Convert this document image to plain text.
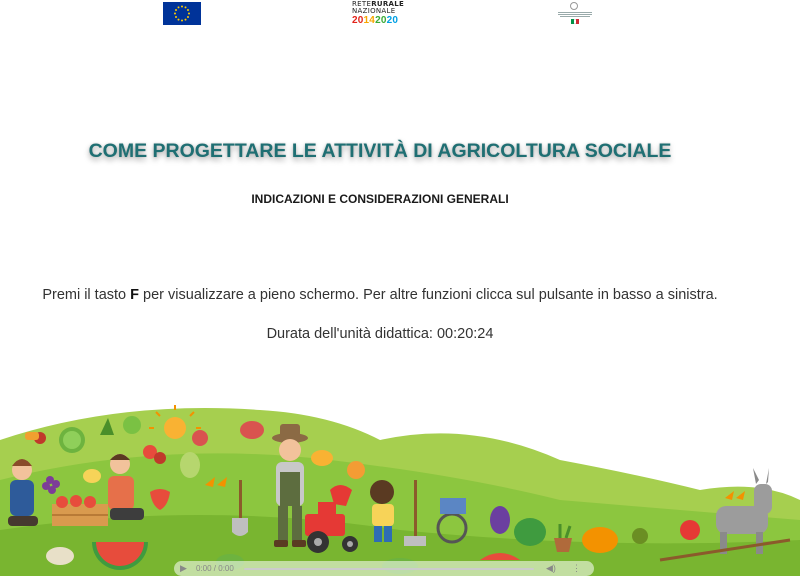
RETERURALE
NAZIONALE
20142020
COME PROGETTARE LE ATTIVITÀ DI AGRICOLTURA SOCIALE
INDICAZIONI E CONSIDERAZIONI GENERALI
Premi il tasto F per visualizzare a pieno schermo. Per altre funzioni clicca sul pulsante in basso a sinistra.
Durata dell'unità didattica: 00:20:24
▶	0:00 / 0:00	◀) ⋮
